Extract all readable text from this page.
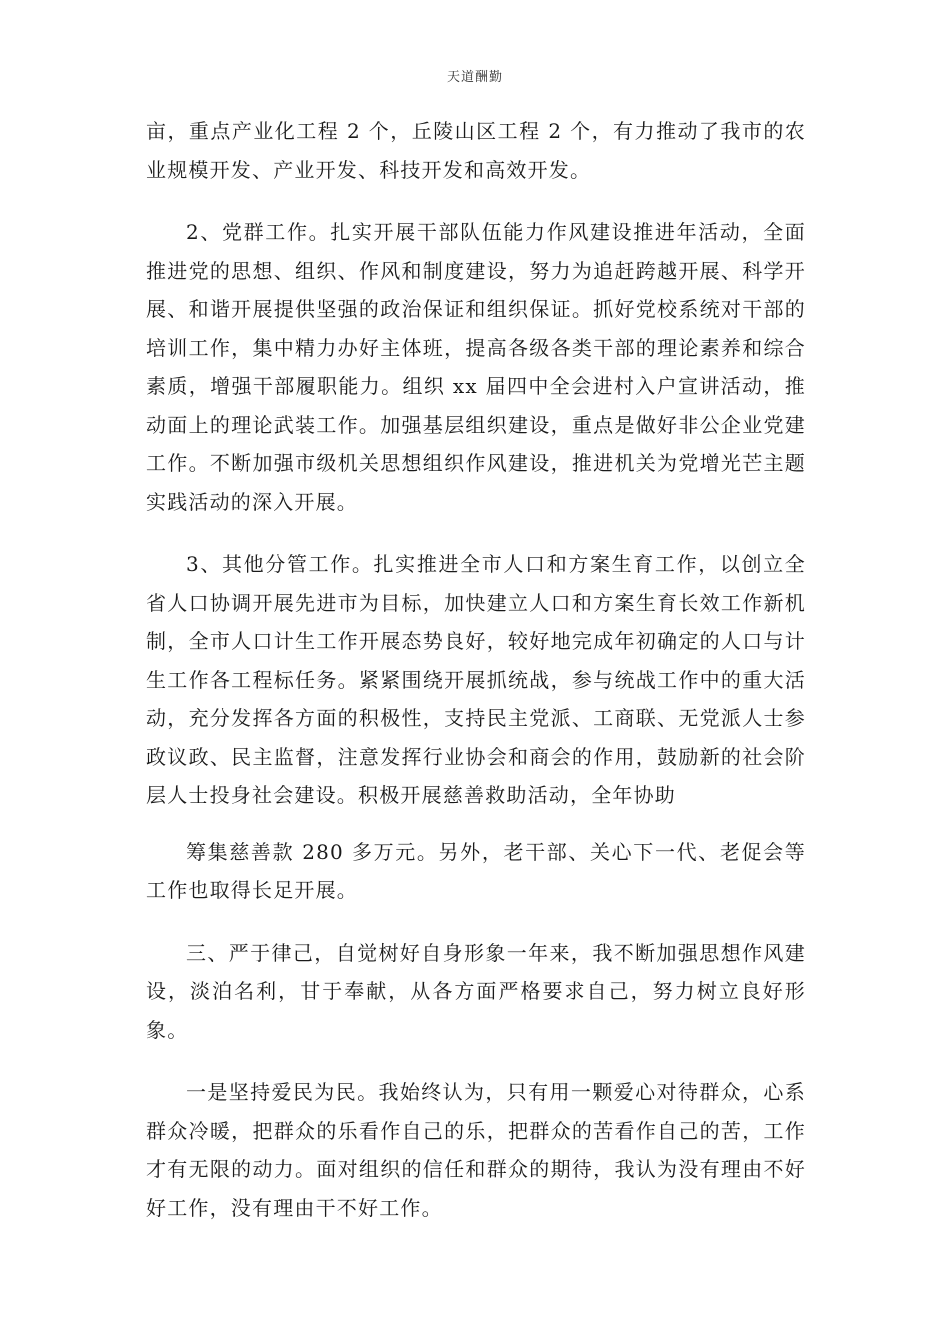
天道酬勤

亩，重点产业化工程 2 个，丘陵山区工程 2 个，有力推动了我市的农业规模开发、产业开发、科技开发和高效开发。

2、党群工作。扎实开展干部队伍能力作风建设推进年活动，全面推进党的思想、组织、作风和制度建设，努力为追赶跨越开展、科学开展、和谐开展提供坚强的政治保证和组织保证。抓好党校系统对干部的培训工作，集中精力办好主体班，提高各级各类干部的理论素养和综合素质，增强干部履职能力。组织 xx 届四中全会进村入户宣讲活动，推动面上的理论武装工作。加强基层组织建设，重点是做好非公企业党建工作。不断加强市级机关思想组织作风建设，推进机关为党增光芒主题实践活动的深入开展。

3、其他分管工作。扎实推进全市人口和方案生育工作，以创立全省人口协调开展先进市为目标，加快建立人口和方案生育长效工作新机制，全市人口计生工作开展态势良好，较好地完成年初确定的人口与计生工作各工程标任务。紧紧围绕开展抓统战，参与统战工作中的重大活动，充分发挥各方面的积极性，支持民主党派、工商联、无党派人士参政议政、民主监督，注意发挥行业协会和商会的作用，鼓励新的社会阶层人士投身社会建设。积极开展慈善救助活动，全年协助

筹集慈善款 280 多万元。另外，老干部、关心下一代、老促会等工作也取得长足开展。

三、严于律己，自觉树好自身形象一年来，我不断加强思想作风建设，淡泊名利，甘于奉献，从各方面严格要求自己，努力树立良好形象。

一是坚持爱民为民。我始终认为，只有用一颗爱心对待群众，心系群众冷暖，把群众的乐看作自己的乐，把群众的苦看作自己的苦，工作才有无限的动力。面对组织的信任和群众的期待，我认为没有理由不好好工作，没有理由干不好工作。
